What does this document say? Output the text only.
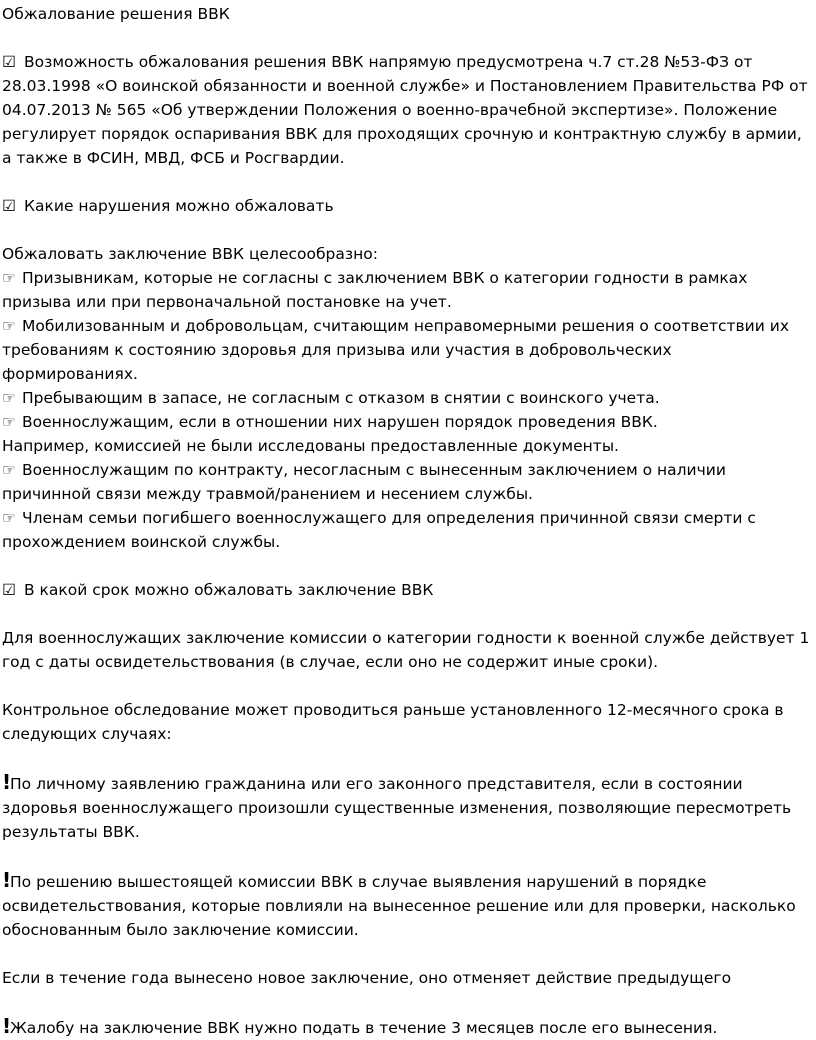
Обжалование решения ВВК

☑ Возможность обжалования решения ВВК напрямую предусмотрена ч.7 ст.28 №53-ФЗ от 28.03.1998 «О воинской обязанности и военной службе» и Постановлением Правительства РФ от 04.07.2013 № 565 «Об утверждении Положения о военно-врачебной экспертизе». Положение регулирует порядок оспаривания ВВК для проходящих срочную и контрактную службу в армии, а также в ФСИН, МВД, ФСБ и Росгвардии.

☑ Какие нарушения можно обжаловать

Обжаловать заключение ВВК целесообразно:

☞ Призывникам, которые не согласны с заключением ВВК о категории годности в рамках призыва или при первоначальной постановке на учет.

☞ Мобилизованным и добровольцам, считающим неправомерными решения о соответствии их требованиям к состоянию здоровья для призыва или участия в добровольческих формированиях.

☞ Пребывающим в запасе, не согласным с отказом в снятии с воинского учета.

☞ Военнослужащим, если в отношении них нарушен порядок проведения ВВК.

Например, комиссией не были исследованы предоставленные документы.

☞ Военнослужащим по контракту, несогласным с вынесенным заключением о наличии причинной связи между травмой/ранением и несением службы.

☞ Членам семьи погибшего военнослужащего для определения причинной связи смерти с прохождением воинской службы.

☑ В какой срок можно обжаловать заключение ВВК

Для военнослужащих заключение комиссии о категории годности к военной службе действует 1 год с даты освидетельствования (в случае, если оно не содержит иные сроки).

Контрольное обследование может проводиться раньше установленного 12-месячного срока в следующих случаях:

!По личному заявлению гражданина или его законного представителя, если в состоянии здоровья военнослужащего произошли существенные изменения, позволяющие пересмотреть результаты ВВК.

!По решению вышестоящей комиссии ВВК в случае выявления нарушений в порядке освидетельствования, которые повлияли на вынесенное решение или для проверки, насколько обоснованным было заключение комиссии.

Если в течение года вынесено новое заключение, оно отменяет действие предыдущего

!Жалобу на заключение ВВК нужно подать в течение 3 месяцев после его вынесения.
